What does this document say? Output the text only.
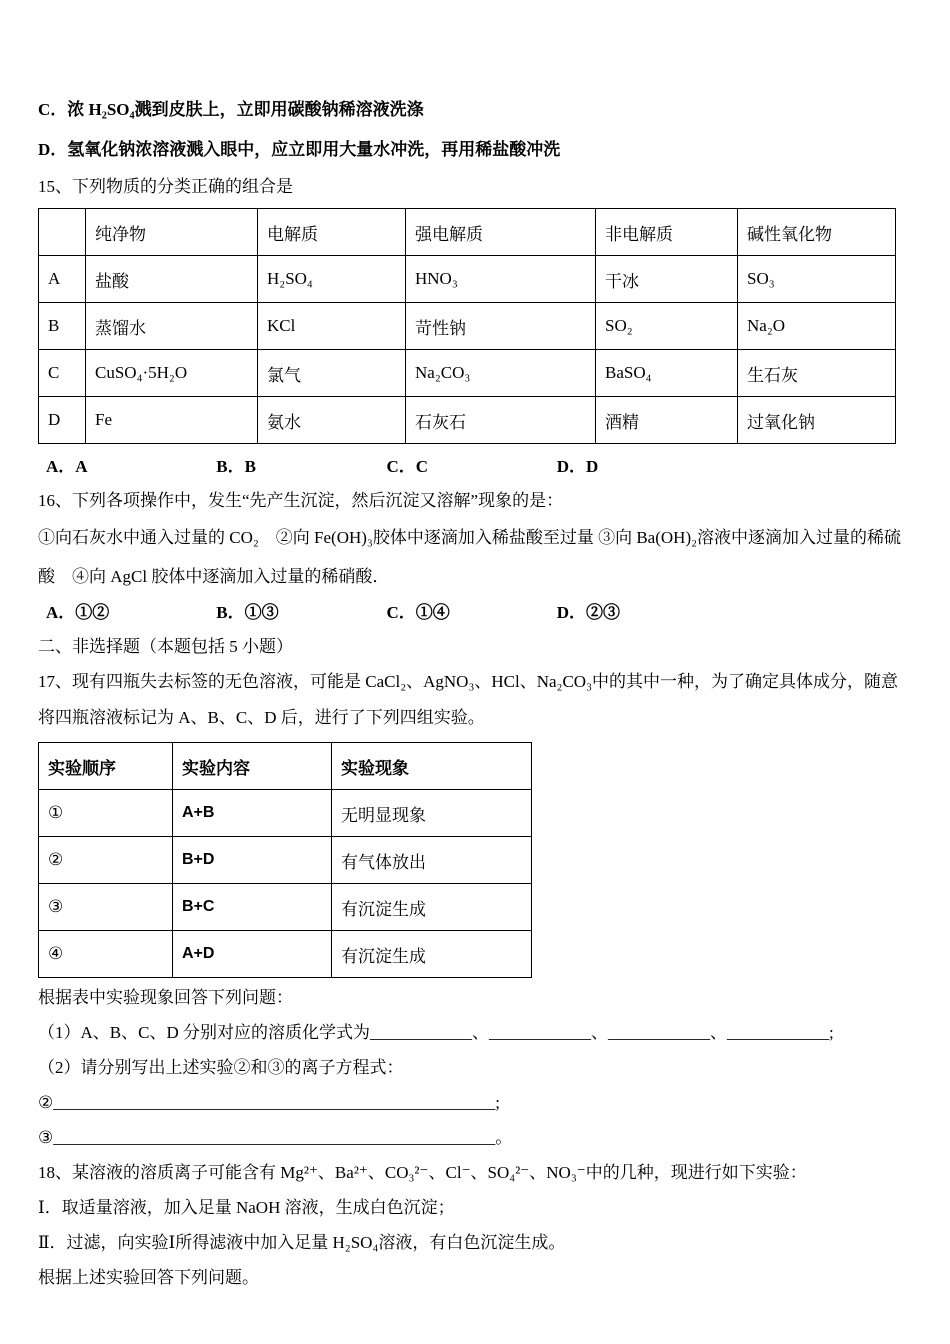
C．浓 H₂SO₄溅到皮肤上，立即用碳酸钠稀溶液洗涤

D．氢氧化钠浓溶液溅入眼中，应立即用大量水冲洗，再用稀盐酸冲洗

15、下列物质的分类正确的组合是

	纯净物	电解质	强电解质	非电解质	碱性氧化物
A	盐酸	H₂SO₄	HNO₃	干冰	SO₃
B	蒸馏水	KCl	苛性钠	SO₂	Na₂O
C	CuSO₄·5H₂O	氯气	Na₂CO₃	BaSO₄	生石灰
D	Fe	氨水	石灰石	酒精	过氧化钠

A．A	B．B	C．C	D．D

16、下列各项操作中，发生“先产生沉淀，然后沉淀又溶解”现象的是：

①向石灰水中通入过量的 CO₂　②向 Fe(OH)₃胶体中逐滴加入稀盐酸至过量 ③向 Ba(OH)₂溶液中逐滴加入过量的稀硫酸　④向 AgCl 胶体中逐滴加入过量的稀硝酸．

A．①②	B．①③	C．①④	D．②③

二、非选择题（本题包括 5 小题）

17、现有四瓶失去标签的无色溶液，可能是 CaCl₂、AgNO₃、HCl、Na₂CO₃中的其中一种，为了确定具体成分，随意将四瓶溶液标记为 A、B、C、D 后，进行了下列四组实验。

实验顺序	实验内容	实验现象
①	A+B	无明显现象
②	B+D	有气体放出
③	B+C	有沉淀生成
④	A+D	有沉淀生成

根据表中实验现象回答下列问题：

（1）A、B、C、D 分别对应的溶质化学式为____________、____________、____________、____________;

（2）请分别写出上述实验②和③的离子方程式：

②____________________________________________________;

③____________________________________________________。

18、某溶液的溶质离子可能含有 Mg²⁺、Ba²⁺、CO₃²⁻、Cl⁻、SO₄²⁻、NO₃⁻中的几种，现进行如下实验：

Ⅰ．取适量溶液，加入足量 NaOH 溶液，生成白色沉淀；

Ⅱ．过滤，向实验Ⅰ所得滤液中加入足量 H₂SO₄溶液，有白色沉淀生成。

根据上述实验回答下列问题。
